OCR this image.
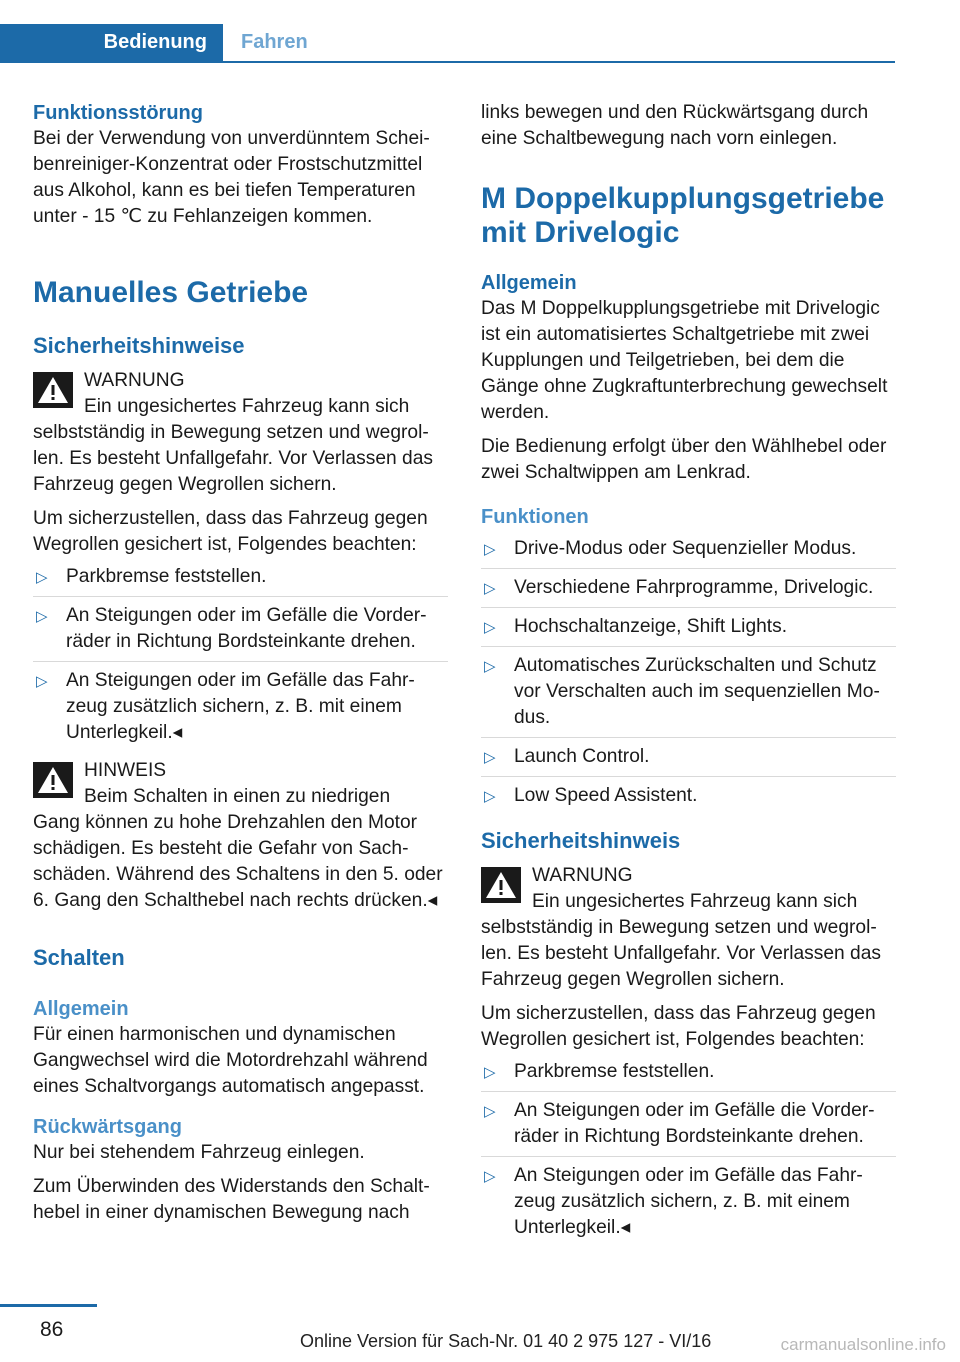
Bedienung	Fahren
Funktionsstörung

Bei der Verwendung von unverdünntem Scheibenreiniger-Konzentrat oder Frostschutzmittel aus Alkohol, kann es bei tiefen Temperaturen unter - 15 ℃ zu Fehlanzeigen kommen.

Manuelles Getriebe
Sicherheitshinweise
WARNUNG
Ein ungesichertes Fahrzeug kann sich
selbstständig in Bewegung setzen und wegrollen. Es besteht Unfallgefahr. Vor Verlassen das Fahrzeug gegen Wegrollen sichern.

Um sicherzustellen, dass das Fahrzeug gegen Wegrollen gesichert ist, Folgendes beachten:

▷ Parkbremse feststellen.
▷ An Steigungen oder im Gefälle die Vorderräder in Richtung Bordsteinkante drehen.
▷ An Steigungen oder im Gefälle das Fahrzeug zusätzlich sichern, z. B. mit einem Unterlegkeil.◂
HINWEIS
Beim Schalten in einen zu niedrigen
Gang können zu hohe Drehzahlen den Motor schädigen. Es besteht die Gefahr von Sachschäden. Während des Schaltens in den 5. oder 6. Gang den Schalthebel nach rechts drücken.◂
Schalten
Allgemein

Für einen harmonischen und dynamischen Gangwechsel wird die Motordrehzahl während eines Schaltvorgangs automatisch angepasst.

Rückwärtsgang

Nur bei stehendem Fahrzeug einlegen.

Zum Überwinden des Widerstands den Schalthebel in einer dynamischen Bewegung nach

links bewegen und den Rückwärtsgang durch eine Schaltbewegung nach vorn einlegen.

M Doppelkupplungsgetriebe mit Drivelogic
Allgemein

Das M Doppelkupplungsgetriebe mit Drivelogic ist ein automatisiertes Schaltgetriebe mit zwei Kupplungen und Teilgetrieben, bei dem die Gänge ohne Zugkraftunterbrechung gewechselt werden.

Die Bedienung erfolgt über den Wählhebel oder zwei Schaltwippen am Lenkrad.

Funktionen
▷ Drive-Modus oder Sequenzieller Modus.
▷ Verschiedene Fahrprogramme, Drivelogic.
▷ Hochschaltanzeige, Shift Lights.
▷ Automatisches Zurückschalten und Schutz vor Verschalten auch im sequenziellen Modus.
▷ Launch Control.
▷ Low Speed Assistent.
Sicherheitshinweis
WARNUNG
Ein ungesichertes Fahrzeug kann sich
selbstständig in Bewegung setzen und wegrollen. Es besteht Unfallgefahr. Vor Verlassen das Fahrzeug gegen Wegrollen sichern.

Um sicherzustellen, dass das Fahrzeug gegen Wegrollen gesichert ist, Folgendes beachten:

▷ Parkbremse feststellen.
▷ An Steigungen oder im Gefälle die Vorderräder in Richtung Bordsteinkante drehen.
▷ An Steigungen oder im Gefälle das Fahrzeug zusätzlich sichern, z. B. mit einem Unterlegkeil.◂
86	Online Version für Sach-Nr. 01 40 2 975 127 - VI/16	carmanualsonline.info
